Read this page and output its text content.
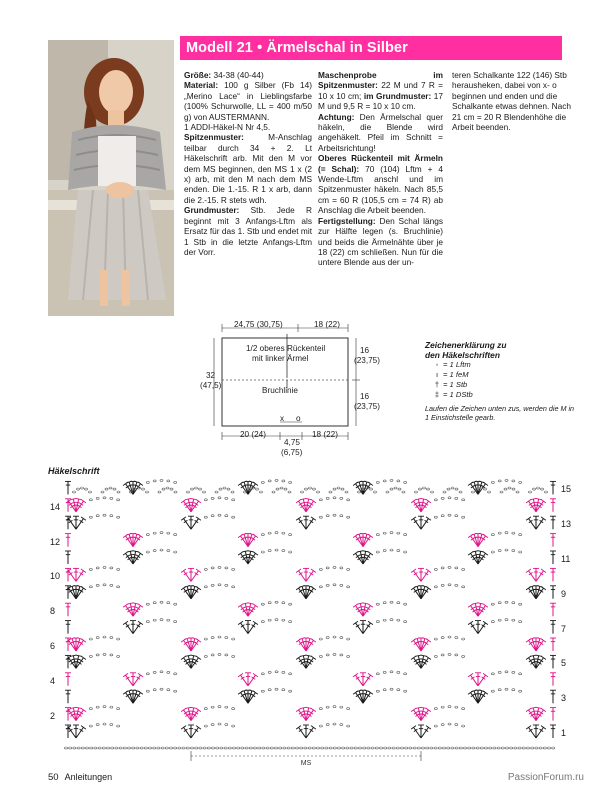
Modell 21 • Ärmelschal in Silber

Größe: 34-38 (40-44)

Material: 100 g Silber (Fb 14) „Merino Lace“ in Lieblingsfarbe (100% Schurwolle, LL = 400 m/50 g) von AUSTERMANN.

1 ADDI-Häkel-N Nr 4,5.

Spitzenmuster: M-Anschlag teilbar durch 34 + 2. Lt Häkelschrift arb. Mit den M vor dem MS beginnen, den MS 1 x (2 x) arb, mit den M nach dem MS enden. Die 1.-15. R 1 x arb, dann die 2.-15. R stets wdh.

Grundmuster: Stb. Jede R beginnt mit 3 Anfangs-Lftm als Ersatz für das 1. Stb und endet mit 1 Stb in die letzte Anfangs-Lftm der Vorr.

Maschenprobe im Spitzenmuster: 22 M und 7 R = 10 x 10 cm; im Grundmuster: 17 M und 9,5 R = 10 x 10 cm.

Achtung: Den Ärmelschal quer häkeln, die Blende wird angehäkelt. Pfeil im Schnitt = Arbeitsrichtung!

Oberes Rückenteil mit Ärmeln (= Schal): 70 (104) Lftm + 4 Wende-Lftm anschl und im Spitzenmuster häkeln. Nach 85,5 cm = 60 R (105,5 cm = 74 R) ab Anschlag die Arbeit beenden.

Fertigstellung: Den Schal längs zur Hälfte legen (s. Bruchlinie) und beids die Ärmelnähte über je 18 (22) cm schließen. Nun für die untere Blende aus der un-

teren Schalkante 122 (146) Stb herausheken, dabei von x- o beginnen und enden und die Schalkante etwas dehnen. Nach 21 cm = 20 R Blendenhöhe die Arbeit beenden.

24,75 (30,75)	18 (22)
1/2 oberes Rückenteil
mit linker Ärmel
Bruchlinie
32
(47,5)
16
(23,75)
16
(23,75)
x o
20 (24)
4,75
(6,75)
18 (22)
Zeichenerklärung zu
den Häkelschriften
◦ = 1 Lftm
ı = 1 feM
† = 1 Stb
‡ = 1 DStb
Laufen die Zeichen unten zus, werden die M in 1 Einstichstelle gearb.
Häkelschrift
MS
14
12
10
8
6
4
2
15
13
11
9
7
5
3
1
50 Anleitungen	PassionForum.ru
